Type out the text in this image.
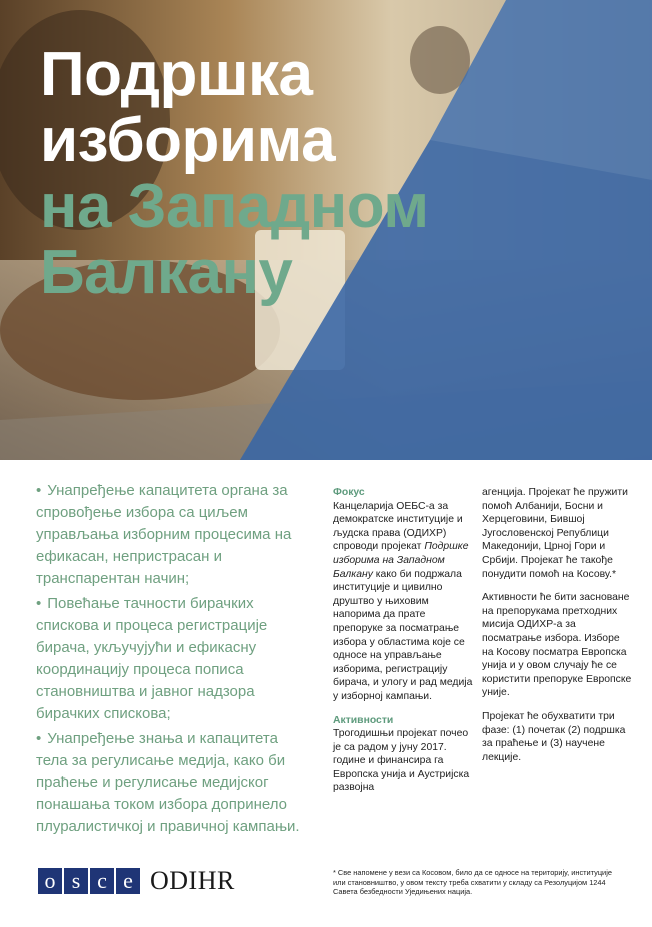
Подршка
изборима
на Западном
Балкану

• Унапређење капацитета органа за спровођење избора са циљем управљања изборним процесима на ефикасан, непристрасан и транспарентан начин;

• Повећање тачности бирачких спискова и процеса регистрације бирача, укључујући и ефикасну координацију процеса пописа становништва и јавног надзора бирачких спискова;

• Унапређење знања и капацитета тела за регулисање медија, како би праћење и регулисање медијског понашања током избора допринело плуралистичкој и правичној кампањи.

Фокус

Канцеларија ОЕБС-а за демократске институције и људска права (ОДИХР) спроводи пројекат Подршке изборима на Западном Балкану како би подржала институције и цивилно друштво у њиховим напорима да прате препоруке за посматрање избора у областима које се односе на управљање изборима, регистрацију бирача, и улогу и рад медија у изборној кампањи.

Активности

Трогодишњи пројекат почео је са радом у јуну 2017. године и финансира га Европска унија и Аустријска развојна

агенција. Пројекат ће пружити помоћ Албанији, Босни и Херцеговини, Бившој Југословенској Републици Македонији, Црној Гори и Србији. Пројекат ће такође понудити помоћ на Косову.*

Активности ће бити засноване на препорукама претходних мисија ОДИХР-а за посматрање избора. Изборе на Косову посматра Европска унија и у овом случају ће се користити препоруке Европске уније.

Пројекат ће обухватити три фазе: (1) почетак (2) подршка за праћење и (3) научене лекције.

o s c e ODIHR	* Све напомене у вези са Косовом, било да се односе на територију, институције или становништво, у овом тексту треба схватити у складу са Резолуцијом 1244 Савета безбедности Уједињених нација.
